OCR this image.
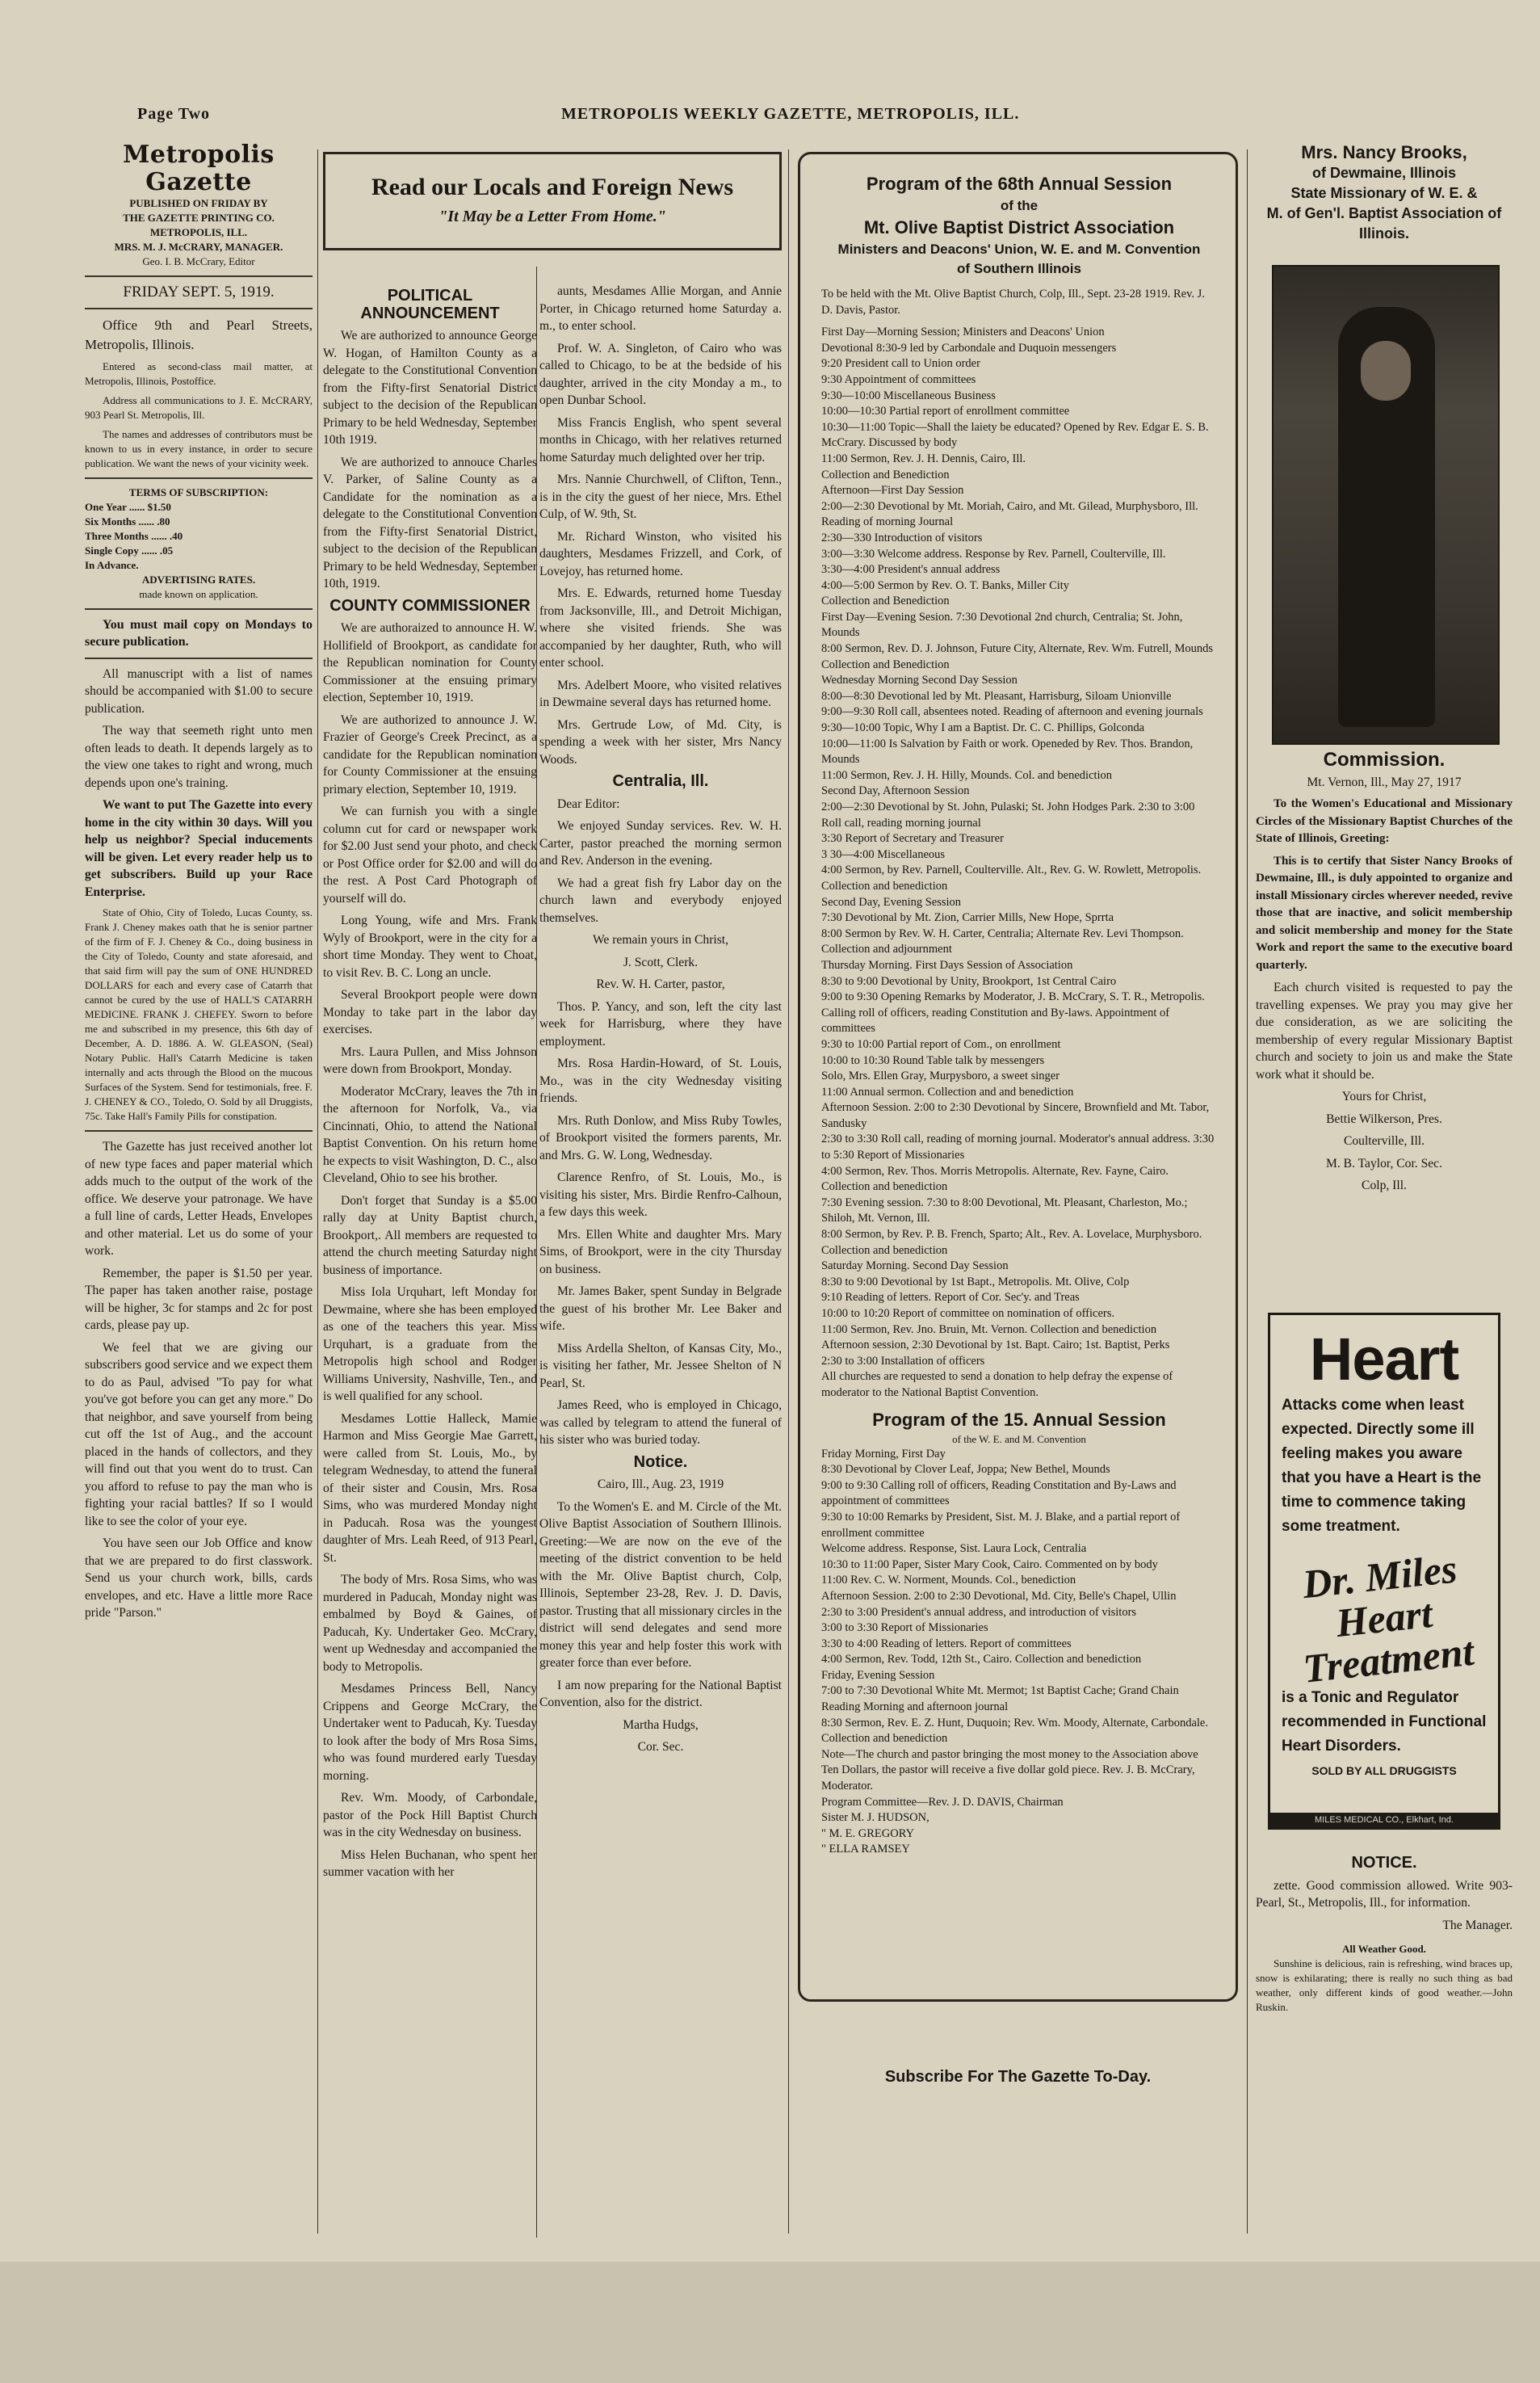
Page Two	METROPOLIS WEEKLY GAZETTE, METROPOLIS, ILL.
Metropolis Gazette
PUBLISHED ON FRIDAY BY
THE GAZETTE PRINTING CO.
METROPOLIS, ILL.
MRS. M. J. McCRARY, MANAGER.
Geo. I. B. McCrary, Editor
FRIDAY SEPT. 5, 1919.

Office 9th and Pearl Streets, Metropolis, Illinois.

Entered as second-class mail matter, at Metropolis, Illinois, Postoffice.

Address all communications to J. E. McCRARY, 903 Pearl St. Metropolis, Ill.

The names and addresses of contributors must be known to us in every instance, in order to secure publication. We want the news of your vicinity week.

TERMS OF SUBSCRIPTION:
One Year ...... $1.50
Six Months ...... .80
Three Months ...... .40
Single Copy ...... .05
In Advance.
ADVERTISING RATES.
made known on application.

You must mail copy on Mondays to secure publication.

All manuscript with a list of names should be accompanied with $1.00 to secure publication.

The way that seemeth right unto men often leads to death. It depends largely as to the view one takes to right and wrong, much depends upon one's training.

We want to put The Gazette into every home in the city within 30 days. Will you help us neighbor? Special inducements will be given. Let every reader help us to get subscribers. Build up your Race Enterprise.

State of Ohio, City of Toledo, Lucas County, ss. Frank J. Cheney makes oath that he is senior partner of the firm of F. J. Cheney & Co., doing business in the City of Toledo, County and state aforesaid, and that said firm will pay the sum of ONE HUNDRED DOLLARS for each and every case of Catarrh that cannot be cured by the use of HALL'S CATARRH MEDICINE. FRANK J. CHEFEY. Sworn to before me and subscribed in my presence, this 6th day of December, A. D. 1886. A. W. GLEASON, (Seal) Notary Public. Hall's Catarrh Medicine is taken internally and acts through the Blood on the mucous Surfaces of the System. Send for testimonials, free. F. J. CHENEY & CO., Toledo, O. Sold by all Druggists, 75c. Take Hall's Family Pills for constipation.

The Gazette has just received another lot of new type faces and paper material which adds much to the output of the work of the office. We deserve your patronage. We have a full line of cards, Letter Heads, Envelopes and other material. Let us do some of your work.

Remember, the paper is $1.50 per year. The paper has taken another raise, postage will be higher, 3c for stamps and 2c for post cards, please pay up.

We feel that we are giving our subscribers good service and we expect them to do as Paul, advised "To pay for what you've got before you can get any more." Do that neighbor, and save yourself from being cut off the 1st of Aug., and the account placed in the hands of collectors, and they will find out that you went do to trust. Can you afford to refuse to pay the man who is fighting your racial battles? If so I would like to see the color of your eye.

You have seen our Job Office and know that we are prepared to do first classwork. Send us your church work, bills, cards envelopes, and etc. Have a little more Race pride "Parson."

Read our Locals and Foreign News
"It May be a Letter From Home."
POLITICAL ANNOUNCEMENT

We are authorized to announce George W. Hogan, of Hamilton County as a delegate to the Constitutional Convention from the Fifty-first Senatorial District subject to the decision of the Republican Primary to be held Wednesday, September 10th 1919.

We are authorized to annouce Charles V. Parker, of Saline County as a Candidate for the nomination as a delegate to the Constitutional Convention from the Fifty-first Senatorial District, subject to the decision of the Republican Primary to be held Wednesday, September 10th, 1919.

COUNTY COMMISSIONER

We are authoraized to announce H. W. Hollifield of Brookport, as candidate for the Republican nomination for County Commissioner at the ensuing primary election, September 10, 1919.

We are authorized to announce J. W. Frazier of George's Creek Precinct, as a candidate for the Republican nomination for County Commissioner at the ensuing primary election, September 10, 1919.

We can furnish you with a single column cut for card or newspaper work for $2.00 Just send your photo, and check or Post Office order for $2.00 and will do the rest. A Post Card Photograph of yourself will do.

Long Young, wife and Mrs. Frank Wyly of Brookport, were in the city for a short time Monday. They went to Choat, to visit Rev. B. C. Long an uncle.

Several Brookport people were down Monday to take part in the labor day exercises.

Mrs. Laura Pullen, and Miss Johnson were down from Brookport, Monday.

Moderator McCrary, leaves the 7th in the afternoon for Norfolk, Va., via Cincinnati, Ohio, to attend the National Baptist Convention. On his return home he expects to visit Washington, D. C., also Cleveland, Ohio to see his brother.

Don't forget that Sunday is a $5.00 rally day at Unity Baptist church, Brookport,. All members are requested to attend the church meeting Saturday night business of importance.

Miss Iola Urquhart, left Monday for Dewmaine, where she has been employed as one of the teachers this year. Miss Urquhart, is a graduate from the Metropolis high school and Rodger Williams University, Nashville, Ten., and is well qualified for any school.

Mesdames Lottie Halleck, Mamie Harmon and Miss Georgie Mae Garrett, were called from St. Louis, Mo., by telegram Wednesday, to attend the funeral of their sister and Cousin, Mrs. Rosa Sims, who was murdered Monday night in Paducah. Rosa was the youngest daughter of Mrs. Leah Reed, of 913 Pearl, St.

The body of Mrs. Rosa Sims, who was murdered in Paducah, Monday night was embalmed by Boyd & Gaines, of Paducah, Ky. Undertaker Geo. McCrary, went up Wednesday and accompanied the body to Metropolis.

Mesdames Princess Bell, Nancy Crippens and George McCrary, the Undertaker went to Paducah, Ky. Tuesday to look after the body of Mrs Rosa Sims, who was found murdered early Tuesday morning.

Rev. Wm. Moody, of Carbondale, pastor of the Pock Hill Baptist Church was in the city Wednesday on business.

Miss Helen Buchanan, who spent her summer vacation with her

aunts, Mesdames Allie Morgan, and Annie Porter, in Chicago returned home Saturday a. m., to enter school.

Prof. W. A. Singleton, of Cairo who was called to Chicago, to be at the bedside of his daughter, arrived in the city Monday a m., to open Dunbar School.

Miss Francis English, who spent several months in Chicago, with her relatives returned home Saturday much delighted over her trip.

Mrs. Nannie Churchwell, of Clifton, Tenn., is in the city the guest of her niece, Mrs. Ethel Culp, of W. 9th, St.

Mr. Richard Winston, who visited his daughters, Mesdames Frizzell, and Cork, of Lovejoy, has returned home.

Mrs. E. Edwards, returned home Tuesday from Jacksonville, Ill., and Detroit Michigan, where she visited friends. She was accompanied by her daughter, Ruth, who will enter school.

Mrs. Adelbert Moore, who visited relatives in Dewmaine several days has returned home.

Mrs. Gertrude Low, of Md. City, is spending a week with her sister, Mrs Nancy Woods.

Centralia, Ill.

Dear Editor:

We enjoyed Sunday services. Rev. W. H. Carter, pastor preached the morning sermon and Rev. Anderson in the evening.

We had a great fish fry Labor day on the church lawn and everybody enjoyed themselves.

We remain yours in Christ,

J. Scott, Clerk.

Rev. W. H. Carter, pastor,

Thos. P. Yancy, and son, left the city last week for Harrisburg, where they have employment.

Mrs. Rosa Hardin-Howard, of St. Louis, Mo., was in the city Wednesday visiting friends.

Mrs. Ruth Donlow, and Miss Ruby Towles, of Brookport visited the formers parents, Mr. and Mrs. G. W. Long, Wednesday.

Clarence Renfro, of St. Louis, Mo., is visiting his sister, Mrs. Birdie Renfro-Calhoun, a few days this week.

Mrs. Ellen White and daughter Mrs. Mary Sims, of Brookport, were in the city Thursday on business.

Mr. James Baker, spent Sunday in Belgrade the guest of his brother Mr. Lee Baker and wife.

Miss Ardella Shelton, of Kansas City, Mo., is visiting her father, Mr. Jessee Shelton of N Pearl, St.

James Reed, who is employed in Chicago, was called by telegram to attend the funeral of his sister who was buried today.

Notice.

Cairo, Ill., Aug. 23, 1919

To the Women's E. and M. Circle of the Mt. Olive Baptist Association of Southern Illinois. Greeting:—We are now on the eve of the meeting of the district convention to be held with the Mr. Olive Baptist church, Colp, Illinois, September 23-28, Rev. J. D. Davis, pastor. Trusting that all missionary circles in the district will send delegates and send more money this year and help foster this work with greater force than ever before.

I am now preparing for the National Baptist Convention, also for the district.

Martha Hudgs,

Cor. Sec.

Program of the 68th Annual Session
of the
Mt. Olive Baptist District Association
Ministers and Deacons' Union, W. E. and M. Convention
of Southern Illinois

To be held with the Mt. Olive Baptist Church, Colp, Ill., Sept. 23-28 1919. Rev. J. D. Davis, Pastor.

First Day—Morning Session; Ministers and Deacons' Union

Devotional 8:30-9 led by Carbondale and Duquoin messengers

9:20 President call to Union order

9:30 Appointment of committees

9:30—10:00 Miscellaneous Business

10:00—10:30 Partial report of enrollment committee

10:30—11:00 Topic—Shall the laiety be educated? Opened by Rev. Edgar E. S. B. McCrary. Discussed by body

11:00 Sermon, Rev. J. H. Dennis, Cairo, Ill.

Collection and Benediction

Afternoon—First Day Session

2:00—2:30 Devotional by Mt. Moriah, Cairo, and Mt. Gilead, Murphysboro, Ill.

Reading of morning Journal

2:30—330 Introduction of visitors

3:00—3:30 Welcome address. Response by Rev. Parnell, Coulterville, Ill.

3:30—4:00 President's annual address

4:00—5:00 Sermon by Rev. O. T. Banks, Miller City

Collection and Benediction

First Day—Evening Sesion. 7:30 Devotional 2nd church, Centralia; St. John, Mounds

8:00 Sermon, Rev. D. J. Johnson, Future City, Alternate, Rev. Wm. Futrell, Mounds

Collection and Benediction

Wednesday Morning Second Day Session

8:00—8:30 Devotional led by Mt. Pleasant, Harrisburg, Siloam Unionville

9:00—9:30 Roll call, absentees noted. Reading of afternoon and evening journals

9:30—10:00 Topic, Why I am a Baptist. Dr. C. C. Phillips, Golconda

10:00—11:00 Is Salvation by Faith or work. Openeded by Rev. Thos. Brandon, Mounds

11:00 Sermon, Rev. J. H. Hilly, Mounds. Col. and benediction

Second Day, Afternoon Session

2:00—2:30 Devotional by St. John, Pulaski; St. John Hodges Park. 2:30 to 3:00 Roll call, reading morning journal

3:30 Report of Secretary and Treasurer

3 30—4:00 Miscellaneous

4:00 Sermon, by Rev. Parnell, Coulterville. Alt., Rev. G. W. Rowlett, Metropolis. Collection and benediction

Second Day, Evening Session

7:30 Devotional by Mt. Zion, Carrier Mills, New Hope, Sprrta

8:00 Sermon by Rev. W. H. Carter, Centralia; Alternate Rev. Levi Thompson. Collection and adjournment

Thursday Morning. First Days Session of Association

8:30 to 9:00 Devotional by Unity, Brookport, 1st Central Cairo

9:00 to 9:30 Opening Remarks by Moderator, J. B. McCrary, S. T. R., Metropolis. Calling roll of officers, reading Constitution and By-laws. Appointment of committees

9:30 to 10:00 Partial report of Com., on enrollment

10:00 to 10:30 Round Table talk by messengers

Solo, Mrs. Ellen Gray, Murpysboro, a sweet singer

11:00 Annual sermon. Collection and and benediction

Afternoon Session. 2:00 to 2:30 Devotional by Sincere, Brownfield and Mt. Tabor, Sandusky

2:30 to 3:30 Roll call, reading of morning journal. Moderator's annual address. 3:30 to 5:30 Report of Missionaries

4:00 Sermon, Rev. Thos. Morris Metropolis. Alternate, Rev. Fayne, Cairo. Collection and benediction

7:30 Evening session. 7:30 to 8:00 Devotional, Mt. Pleasant, Charleston, Mo.; Shiloh, Mt. Vernon, Ill.

8:00 Sermon, by Rev. P. B. French, Sparto; Alt., Rev. A. Lovelace, Murphysboro. Collection and benediction

Saturday Morning. Second Day Session

8:30 to 9:00 Devotional by 1st Bapt., Metropolis. Mt. Olive, Colp

9:10 Reading of letters. Report of Cor. Sec'y. and Treas

10:00 to 10:20 Report of committee on nomination of officers.

11:00 Sermon, Rev. Jno. Bruin, Mt. Vernon. Collection and benediction

Afternoon session, 2:30 Devotional by 1st. Bapt. Cairo; 1st. Baptist, Perks

2:30 to 3:00 Installation of officers

All churches are requested to send a donation to help defray the expense of moderator to the National Baptist Convention.

Program of the 15. Annual Session
of the W. E. and M. Convention

Friday Morning, First Day

8:30 Devotional by Clover Leaf, Joppa; New Bethel, Mounds

9:00 to 9:30 Calling roll of officers, Reading Constitation and By-Laws and appointment of committees

9:30 to 10:00 Remarks by President, Sist. M. J. Blake, and a partial report of enrollment committee

Welcome address. Response, Sist. Laura Lock, Centralia

10:30 to 11:00 Paper, Sister Mary Cook, Cairo. Commented on by body

11:00 Rev. C. W. Norment, Mounds. Col., benediction

Afternoon Session. 2:00 to 2:30 Devotional, Md. City, Belle's Chapel, Ullin

2:30 to 3:00 President's annual address, and introduction of visitors

3:00 to 3:30 Report of Missionaries

3:30 to 4:00 Reading of letters. Report of committees

4:00 Sermon, Rev. Todd, 12th St., Cairo. Collection and benediction

Friday, Evening Session

7:00 to 7:30 Devotional White Mt. Mermot; 1st Baptist Cache; Grand Chain

Reading Morning and afternoon journal

8:30 Sermon, Rev. E. Z. Hunt, Duquoin; Rev. Wm. Moody, Alternate, Carbondale.

Collection and benediction

Note—The church and pastor bringing the most money to the Association above Ten Dollars, the pastor will receive a five dollar gold piece. Rev. J. B. McCrary, Moderator.

Program Committee—Rev. J. D. DAVIS, Chairman

Sister M. J. HUDSON,

" M. E. GREGORY

" ELLA RAMSEY

Subscribe For The Gazette To-Day.
Mrs. Nancy Brooks,
of Dewmaine, Illinois
State Missionary of W. E. &
M. of Gen'l. Baptist Association of Illinois.
Commission.

Mt. Vernon, Ill., May 27, 1917

To the Women's Educational and Missionary Circles of the Missionary Baptist Churches of the State of Illinois, Greeting:

This is to certify that Sister Nancy Brooks of Dewmaine, Ill., is duly appointed to organize and install Missionary circles wherever needed, revive those that are inactive, and solicit membership and solicit membership and money for the State Work and report the same to the executive board quarterly.

Each church visited is requested to pay the travelling expenses. We pray you may give her due consideration, as we are soliciting the membership of every regular Missionary Baptist church and society to join us and make the State work what it should be.

Yours for Christ,

Bettie Wilkerson, Pres.

Coulterville, Ill.

M. B. Taylor, Cor. Sec.

Colp, Ill.

Heart
Attacks come when least expected. Directly some ill feeling makes you aware that you have a Heart is the time to commence taking some treatment.
Dr. Miles Heart Treatment
is a Tonic and Regulator recommended in Functional Heart Disorders.
SOLD BY ALL DRUGGISTS
MILES MEDICAL CO., Elkhart, Ind.
NOTICE.

zette. Good commission allowed. Write 903-Pearl, St., Metropolis, Ill., for information.

The Manager.

All Weather Good.

Sunshine is delicious, rain is refreshing, wind braces up, snow is exhilarating; there is really no such thing as bad weather, only different kinds of good weather.—John Ruskin.
